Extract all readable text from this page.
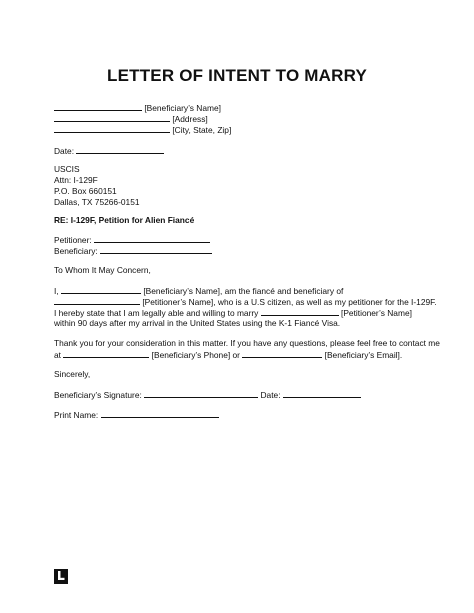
LETTER OF INTENT TO MARRY
[Beneficiary’s Name]
[Address]
[City, State, Zip]
Date:
USCIS
Attn: I-129F
P.O. Box 660151
Dallas, TX 75266-0151
RE: I-129F, Petition for Alien Fiancé
Petitioner:
Beneficiary:
To Whom It May Concern,
I,	[Beneficiary’s Name], am the fiancé and beneficiary of
[Petitioner’s Name], who is a U.S citizen, as well as my petitioner for the I-129F.
I hereby state that I am legally able and willing to marry	[Petitioner’s Name]
within 90 days after my arrival in the United States using the K-1 Fiancé Visa.
Thank you for your consideration in this matter. If you have any questions, please feel free to contact me
at	[Beneficiary’s Phone] or	[Beneficiary’s Email].
Sincerely,
Beneficiary’s Signature:	Date:
Print Name:
